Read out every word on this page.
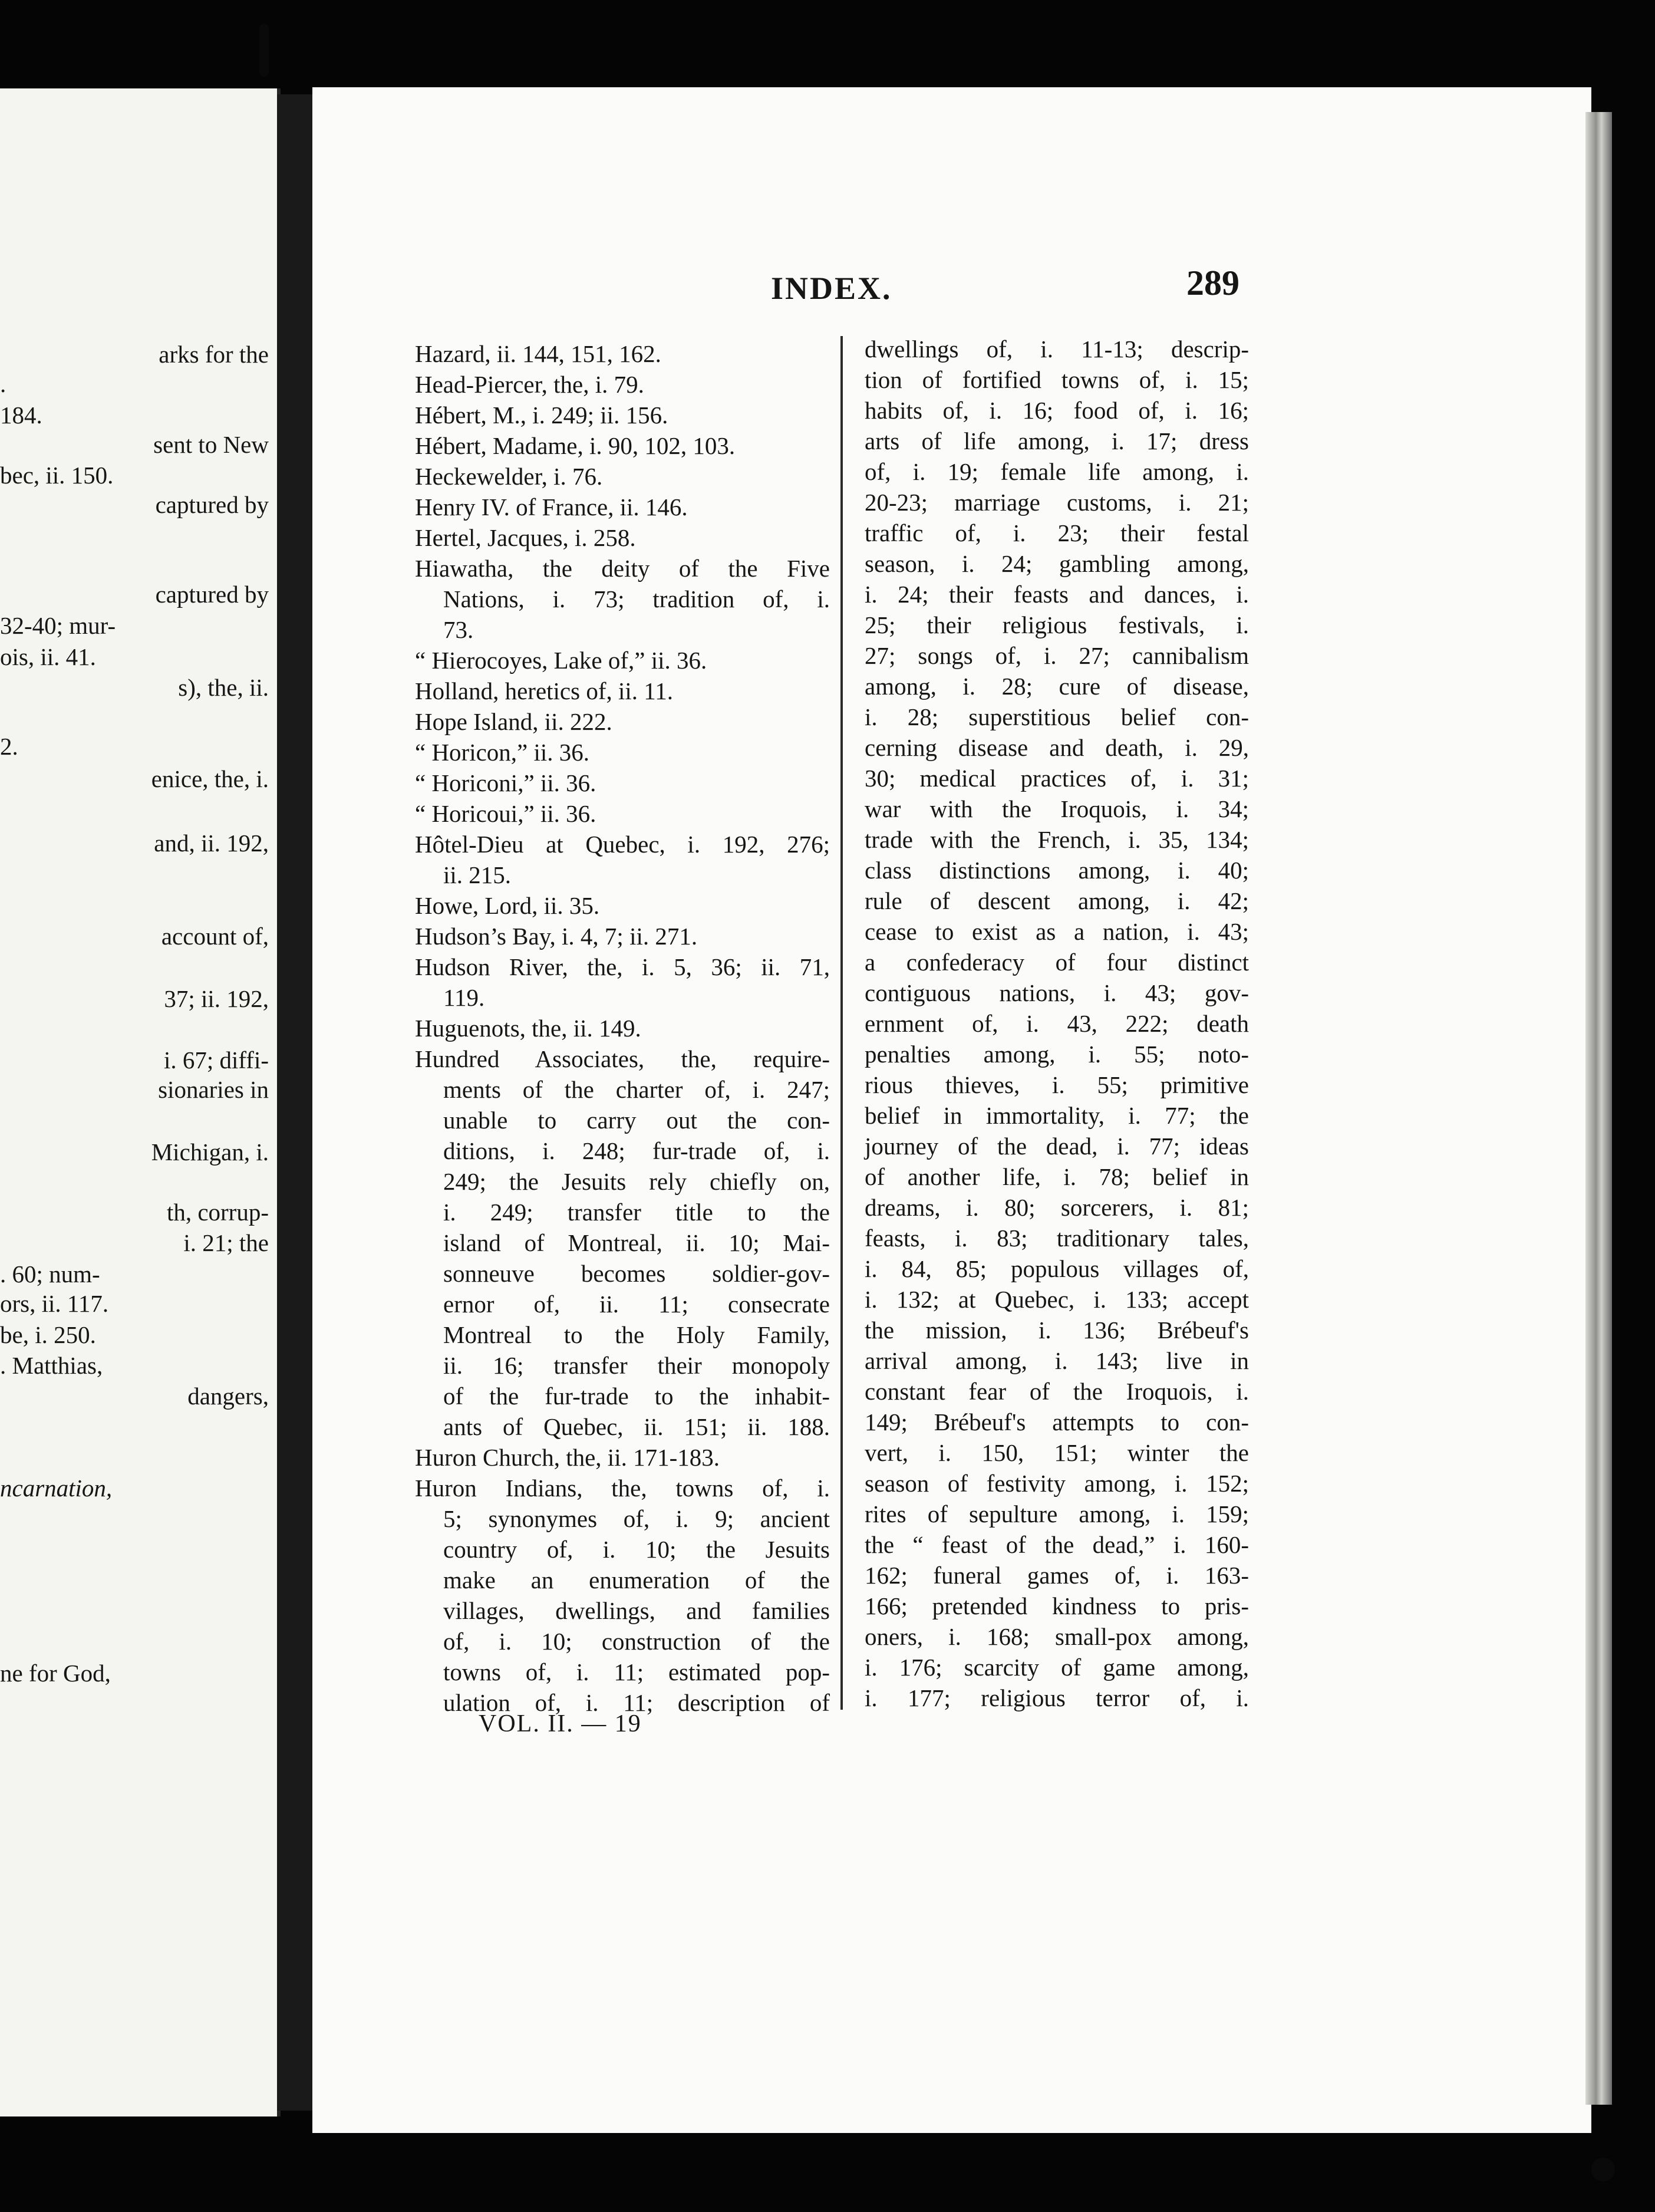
arks for the
.
184.
sent to New
bec, ii. 150.
captured by
captured by
32-40; mur-
ois, ii. 41.
s), the, ii.
2.
enice, the, i.
and, ii. 192,
account of,
37; ii. 192,
i. 67; diffi-
sionaries in
Michigan, i.
th, corrup-
i. 21; the
. 60; num-
ors, ii. 117.
be, i. 250.
. Matthias,
dangers,
ncarnation,
ne for God,
INDEX.	289
Hazard, ii. 144, 151, 162.
Head-Piercer, the, i. 79.
Hébert, M., i. 249; ii. 156.
Hébert, Madame, i. 90, 102, 103.
Heckewelder, i. 76.
Henry IV. of France, ii. 146.
Hertel, Jacques, i. 258.
Hiawatha, the deity of the Five
Nations, i. 73; tradition of, i.
73.
“ Hierocoyes, Lake of,” ii. 36.
Holland, heretics of, ii. 11.
Hope Island, ii. 222.
“ Horicon,” ii. 36.
“ Horiconi,” ii. 36.
“ Horicoui,” ii. 36.
Hôtel-Dieu at Quebec, i. 192, 276;
ii. 215.
Howe, Lord, ii. 35.
Hudson’s Bay, i. 4, 7; ii. 271.
Hudson River, the, i. 5, 36; ii. 71,
119.
Huguenots, the, ii. 149.
Hundred Associates, the, require-
ments of the charter of, i. 247;
unable to carry out the con-
ditions, i. 248; fur-trade of, i.
249; the Jesuits rely chiefly on,
i. 249; transfer title to the
island of Montreal, ii. 10; Mai-
sonneuve becomes soldier-gov-
ernor of, ii. 11; consecrate
Montreal to the Holy Family,
ii. 16; transfer their monopoly
of the fur-trade to the inhabit-
ants of Quebec, ii. 151; ii. 188.
Huron Church, the, ii. 171-183.
Huron Indians, the, towns of, i.
5; synonymes of, i. 9; ancient
country of, i. 10; the Jesuits
make an enumeration of the
villages, dwellings, and families
of, i. 10; construction of the
towns of, i. 11; estimated pop-
ulation of, i. 11; description of
dwellings of, i. 11-13; descrip-
tion of fortified towns of, i. 15;
habits of, i. 16; food of, i. 16;
arts of life among, i. 17; dress
of, i. 19; female life among, i.
20-23; marriage customs, i. 21;
traffic of, i. 23; their festal
season, i. 24; gambling among,
i. 24; their feasts and dances, i.
25; their religious festivals, i.
27; songs of, i. 27; cannibalism
among, i. 28; cure of disease,
i. 28; superstitious belief con-
cerning disease and death, i. 29,
30; medical practices of, i. 31;
war with the Iroquois, i. 34;
trade with the French, i. 35, 134;
class distinctions among, i. 40;
rule of descent among, i. 42;
cease to exist as a nation, i. 43;
a confederacy of four distinct
contiguous nations, i. 43; gov-
ernment of, i. 43, 222; death
penalties among, i. 55; noto-
rious thieves, i. 55; primitive
belief in immortality, i. 77; the
journey of the dead, i. 77; ideas
of another life, i. 78; belief in
dreams, i. 80; sorcerers, i. 81;
feasts, i. 83; traditionary tales,
i. 84, 85; populous villages of,
i. 132; at Quebec, i. 133; accept
the mission, i. 136; Brébeuf's
arrival among, i. 143; live in
constant fear of the Iroquois, i.
149; Brébeuf's attempts to con-
vert, i. 150, 151; winter the
season of festivity among, i. 152;
rites of sepulture among, i. 159;
the “ feast of the dead,” i. 160-
162; funeral games of, i. 163-
166; pretended kindness to pris-
oners, i. 168; small-pox among,
i. 176; scarcity of game among,
i. 177; religious terror of, i.
VOL. II. — 19
